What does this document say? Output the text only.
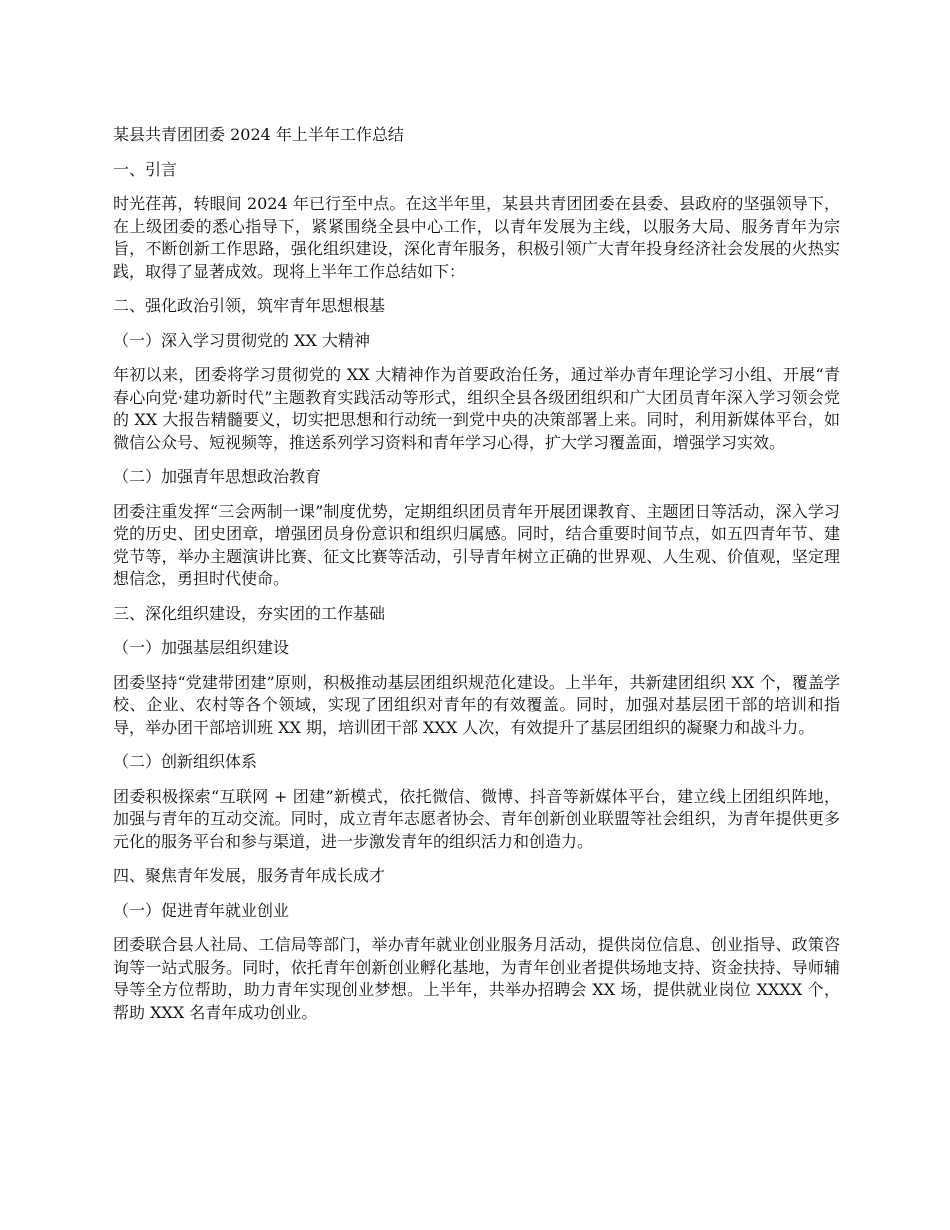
某县共青团团委 2024 年上半年工作总结

一、引言

时光荏苒，转眼间 2024 年已行至中点。在这半年里，某县共青团团委在县委、县政府的坚强领导下，在上级团委的悉心指导下，紧紧围绕全县中心工作，以青年发展为主线，以服务大局、服务青年为宗旨，不断创新工作思路，强化组织建设，深化青年服务，积极引领广大青年投身经济社会发展的火热实践，取得了显著成效。现将上半年工作总结如下：

二、强化政治引领，筑牢青年思想根基

（一）深入学习贯彻党的 XX 大精神

年初以来，团委将学习贯彻党的 XX 大精神作为首要政治任务，通过举办青年理论学习小组、开展“青春心向党·建功新时代”主题教育实践活动等形式，组织全县各级团组织和广大团员青年深入学习领会党的 XX 大报告精髓要义，切实把思想和行动统一到党中央的决策部署上来。同时，利用新媒体平台，如微信公众号、短视频等，推送系列学习资料和青年学习心得，扩大学习覆盖面，增强学习实效。

（二）加强青年思想政治教育

团委注重发挥“三会两制一课”制度优势，定期组织团员青年开展团课教育、主题团日等活动，深入学习党的历史、团史团章，增强团员身份意识和组织归属感。同时，结合重要时间节点，如五四青年节、建党节等，举办主题演讲比赛、征文比赛等活动，引导青年树立正确的世界观、人生观、价值观，坚定理想信念，勇担时代使命。

三、深化组织建设，夯实团的工作基础

（一）加强基层组织建设

团委坚持“党建带团建”原则，积极推动基层团组织规范化建设。上半年，共新建团组织 XX 个，覆盖学校、企业、农村等各个领域，实现了团组织对青年的有效覆盖。同时，加强对基层团干部的培训和指导，举办团干部培训班 XX 期，培训团干部 XXX 人次，有效提升了基层团组织的凝聚力和战斗力。

（二）创新组织体系

团委积极探索“互联网 + 团建”新模式，依托微信、微博、抖音等新媒体平台，建立线上团组织阵地，加强与青年的互动交流。同时，成立青年志愿者协会、青年创新创业联盟等社会组织，为青年提供更多元化的服务平台和参与渠道，进一步激发青年的组织活力和创造力。

四、聚焦青年发展，服务青年成长成才

（一）促进青年就业创业

团委联合县人社局、工信局等部门，举办青年就业创业服务月活动，提供岗位信息、创业指导、政策咨询等一站式服务。同时，依托青年创新创业孵化基地，为青年创业者提供场地支持、资金扶持、导师辅导等全方位帮助，助力青年实现创业梦想。上半年，共举办招聘会 XX 场，提供就业岗位 XXXX 个，帮助 XXX 名青年成功创业。
